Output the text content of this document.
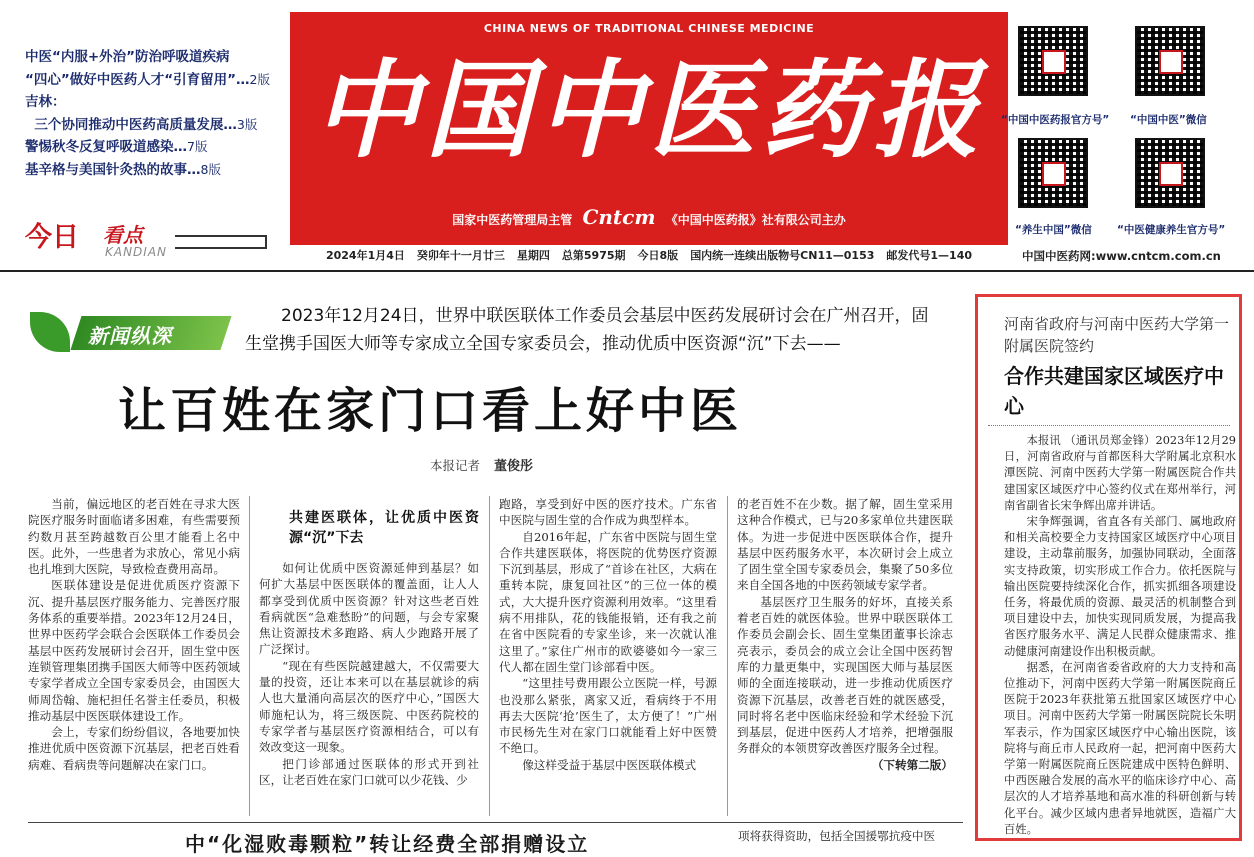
中医“内服+外治”防治呼吸道疾病
“四心”做好中医药人才“引育留用”…2版
吉林：
三个协同推动中医药高质量发展…3版
警惕秋冬反复呼吸道感染…7版
基辛格与美国针灸热的故事…8版
今日 看点
KANDIAN
CHINA NEWS OF TRADITIONAL CHINESE MEDICINE
中国中医药报
国家中医药管理局主管 Cntcm 《中国中医药报》社有限公司主办
2024年1月4日 癸卯年十一月廿三 星期四 总第5975期 今日8版 国内统一连续出版物号CN11—0153 邮发代号1—140
“中国中医药报官方号” “中国中医”微信
“养生中国”微信 “中医健康养生官方号”
中国中医药网:www.cntcm.com.cn
新闻纵深
2023年12月24日，世界中联医联体工作委员会基层中医药发展研讨会在广州召开，固生堂携手国医大师等专家成立全国专家委员会，推动优质中医资源“沉”下去——
让百姓在家门口看上好中医
本报记者 董俊彤

当前，偏远地区的老百姓在寻求大医院医疗服务时面临诸多困难，有些需要预约数月甚至跨越数百公里才能看上名中医。此外，一些患者为求放心，常见小病也扎堆到大医院，导致检查费用高昂。

医联体建设是促进优质医疗资源下沉、提升基层医疗服务能力、完善医疗服务体系的重要举措。2023年12月24日，世界中医药学会联合会医联体工作委员会基层中医药发展研讨会召开，固生堂中医连锁管理集团携手国医大师等中医药领域专家学者成立全国专家委员会，由国医大师周岱翰、施杞担任名誉主任委员，积极推动基层中医医联体建设工作。

会上，专家们纷纷倡议，各地要加快推进优质中医资源下沉基层，把老百姓看病难、看病贵等问题解决在家门口。

共建医联体，让优质中医资源“沉”下去

如何让优质中医资源延伸到基层？如何扩大基层中医医联体的覆盖面，让人人都享受到优质中医资源？针对这些老百姓看病就医“急难愁盼”的问题，与会专家聚焦让资源技术多跑路、病人少跑路开展了广泛探讨。

“现在有些医院越建越大，不仅需要大量的投资，还让本来可以在基层就诊的病人也大量涌向高层次的医疗中心，”国医大师施杞认为，将三级医院、中医药院校的专家学者与基层医疗资源相结合，可以有效改变这一现象。

把门诊部通过医联体的形式开到社区，让老百姓在家门口就可以少花钱、少

跑路，享受到好中医的医疗技术。广东省中医院与固生堂的合作成为典型样本。

自2016年起，广东省中医院与固生堂合作共建医联体，将医院的优势医疗资源下沉到基层，形成了“首诊在社区，大病在重转本院，康复回社区”的三位一体的模式，大大提升医疗资源利用效率。“这里看病不用排队，花的钱能报销，还有我之前在省中医院看的专家坐诊，来一次就认准这里了。”家住广州市的欧婆婆如今一家三代人都在固生堂门诊部看中医。

“这里挂号费用跟公立医院一样，号源也没那么紧张，离家又近，看病终于不用再去大医院‘抢’医生了，太方便了！”广州市民杨先生对在家门口就能看上好中医赞不绝口。

像这样受益于基层中医医联体模式

的老百姓不在少数。据了解，固生堂采用这种合作模式，已与20多家单位共建医联体。为进一步促进中医医联体合作，提升基层中医药服务水平，本次研讨会上成立了固生堂全国专家委员会，集聚了50多位来自全国各地的中医药领域专家学者。

基层医疗卫生服务的好坏，直接关系着老百姓的就医体验。世界中联医联体工作委员会副会长、固生堂集团董事长涂志亮表示，委员会的成立会让全国中医药智库的力量更集中，实现国医大师与基层医师的全面连接联动，进一步推动优质医疗资源下沉基层，改善老百姓的就医感受，同时将名老中医临床经验和学术经验下沉到基层，促进中医药人才培养，把增强服务群众的本领贯穿改善医疗服务全过程。

（下转第二版）
中“化湿败毒颗粒”转让经费全部捐赠设立	项将获得资助，包括全国援鄂抗疫中医
河南省政府与河南中医药大学第一附属医院签约
合作共建国家区域医疗中心

本报讯 （通讯员郑金锋）2023年12月29日，河南省政府与首都医科大学附属北京积水潭医院、河南中医药大学第一附属医院合作共建国家区域医疗中心签约仪式在郑州举行，河南省副省长宋争辉出席并讲话。

宋争辉强调，省直各有关部门、属地政府和相关高校要全力支持国家区域医疗中心项目建设，主动靠前服务，加强协同联动，全面落实支持政策，切实形成工作合力。依托医院与输出医院要持续深化合作，抓实抓细各项建设任务，将最优质的资源、最灵活的机制整合到项目建设中去，加快实现同质发展，为提高我省医疗服务水平、满足人民群众健康需求、推动健康河南建设作出积极贡献。

据悉，在河南省委省政府的大力支持和高位推动下，河南中医药大学第一附属医院商丘医院于2023年获批第五批国家区域医疗中心项目。河南中医药大学第一附属医院院长朱明军表示，作为国家区域医疗中心输出医院，该院将与商丘市人民政府一起，把河南中医药大学第一附属医院商丘医院建成中医特色鲜明、中西医融合发展的高水平的临床诊疗中心、高层次的人才培养基地和高水准的科研创新与转化平台。减少区域内患者异地就医，造福广大百姓。
